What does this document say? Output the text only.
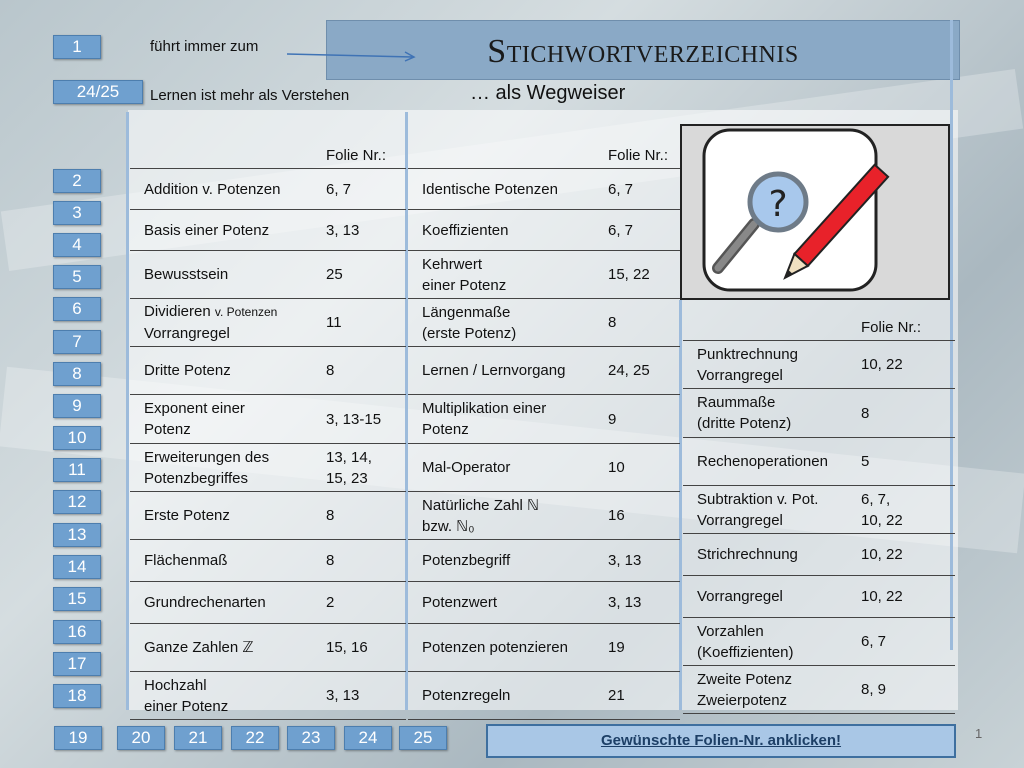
Stichwortverzeichnis
… als Wegweiser
1	führt immer zum
24/25	Lernen ist mehr als Verstehen
2
3
4
5
6
7
8
9
10
11
12
13
14
15
16
17
18
	Folie Nr.:
Addition v. Potenzen	6, 7
Basis einer Potenz	3, 13
Bewusstsein	25
Dividieren v. Potenzen
Vorrangregel	11
Dritte Potenz	8
Exponent einer
Potenz	3, 13-15
Erweiterungen des
Potenzbegriffes	13, 14,
15, 23
Erste Potenz	8
Flächenmaß	8
Grundrechenarten	2
Ganze Zahlen ℤ	15, 16
Hochzahl
einer Potenz	3, 13
	Folie Nr.:
Identische Potenzen	6, 7
Koeffizienten	6, 7
Kehrwert
einer Potenz	15, 22
Längenmaße
(erste Potenz)	8
Lernen / Lernvorgang	24, 25
Multiplikation einer
Potenz	9
Mal-Operator	10
Natürliche Zahl ℕ
bzw. ℕ₀	16
Potenzbegriff	3, 13
Potenzwert	3, 13
Potenzen potenzieren	19
Potenzregeln	21
	Folie Nr.:
Punktrechnung
Vorrangregel	10, 22
Raummaße
(dritte Potenz)	8
Rechenoperationen	5
Subtraktion v. Pot.
Vorrangregel	6, 7,
10, 22
Strichrechnung	10, 22
Vorrangregel	10, 22
Vorzahlen
(Koeffizienten)	6, 7
Zweite Potenz
Zweierpotenz	8, 9
?
19	20	21	22	23	24	25	Gewünschte Folien-Nr. anklicken!	1
